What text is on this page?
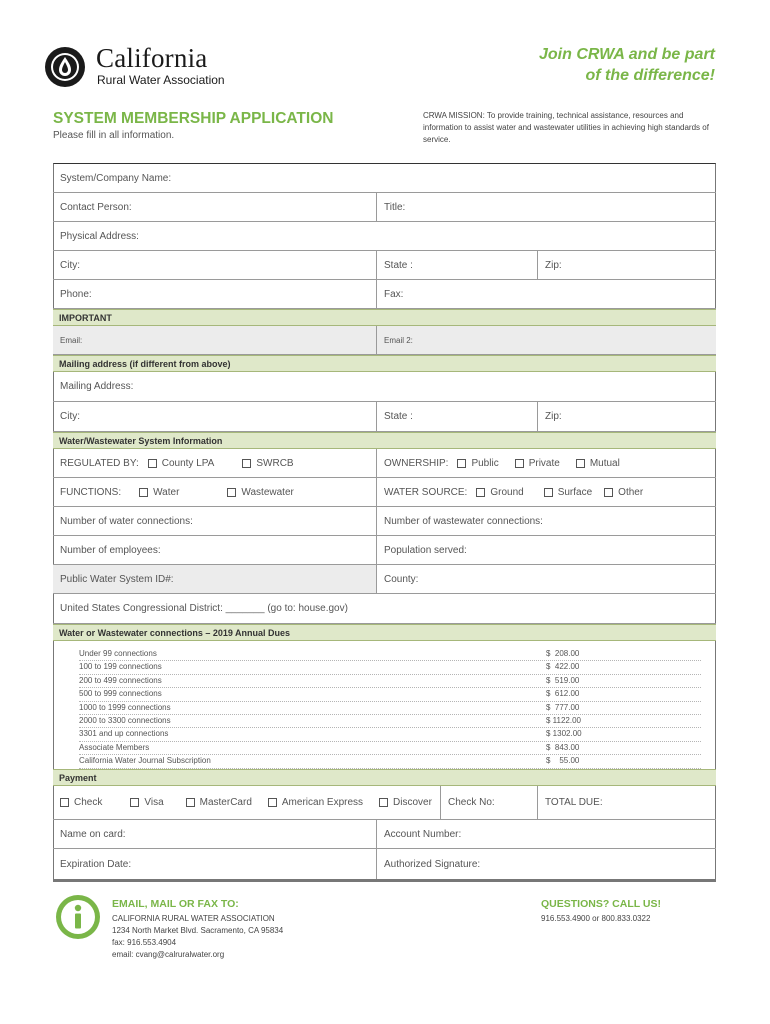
California
Rural Water Association
Join CRWA and be part
of the difference!
SYSTEM MEMBERSHIP APPLICATION
Please fill in all information.
CRWA MISSION: To provide training, technical assistance, resources and information to assist water and wastewater utilities in achieving high standards of service.
System/Company Name:
Contact Person:	Title:
Physical Address:
City:	State :	Zip:
Phone:	Fax:
IMPORTANT
Email:	Email 2:
Mailing address (if different from above)
Mailing Address:
City:	State :	Zip:
Water/Wastewater System Information
REGULATED BY: County LPA	SWRCB	OWNERSHIP: Public	Private	Mutual
FUNCTIONS:	Water	Wastewater	WATER SOURCE: Ground	Surface	Other
Number of water connections:	Number of wastewater connections:
Number of employees:	Population served:
Public Water System ID#:	County:
United States Congressional District: _______ (go to: house.gov)
Water or Wastewater connections – 2019 Annual Dues
Under 99 connections	$  208.00
100 to 199 connections	$  422.00
200 to 499 connections	$  519.00
500 to 999 connections	$  612.00
1000 to 1999 connections	$  777.00
2000 to 3300 connections	$ 1122.00
3301 and up connections	$ 1302.00
Associate Members	$  843.00
California Water Journal Subscription	$    55.00
Payment
Check	Visa	MasterCard	American Express	Discover Check No:	TOTAL DUE:
Name on card:	Account Number:
Expiration Date:	Authorized Signature:
EMAIL, MAIL OR FAX TO:
CALIFORNIA RURAL WATER ASSOCIATION
1234 North Market Blvd. Sacramento, CA 95834
fax: 916.553.4904
email: cvang@calruralwater.org
QUESTIONS? CALL US!
916.553.4900 or 800.833.0322
